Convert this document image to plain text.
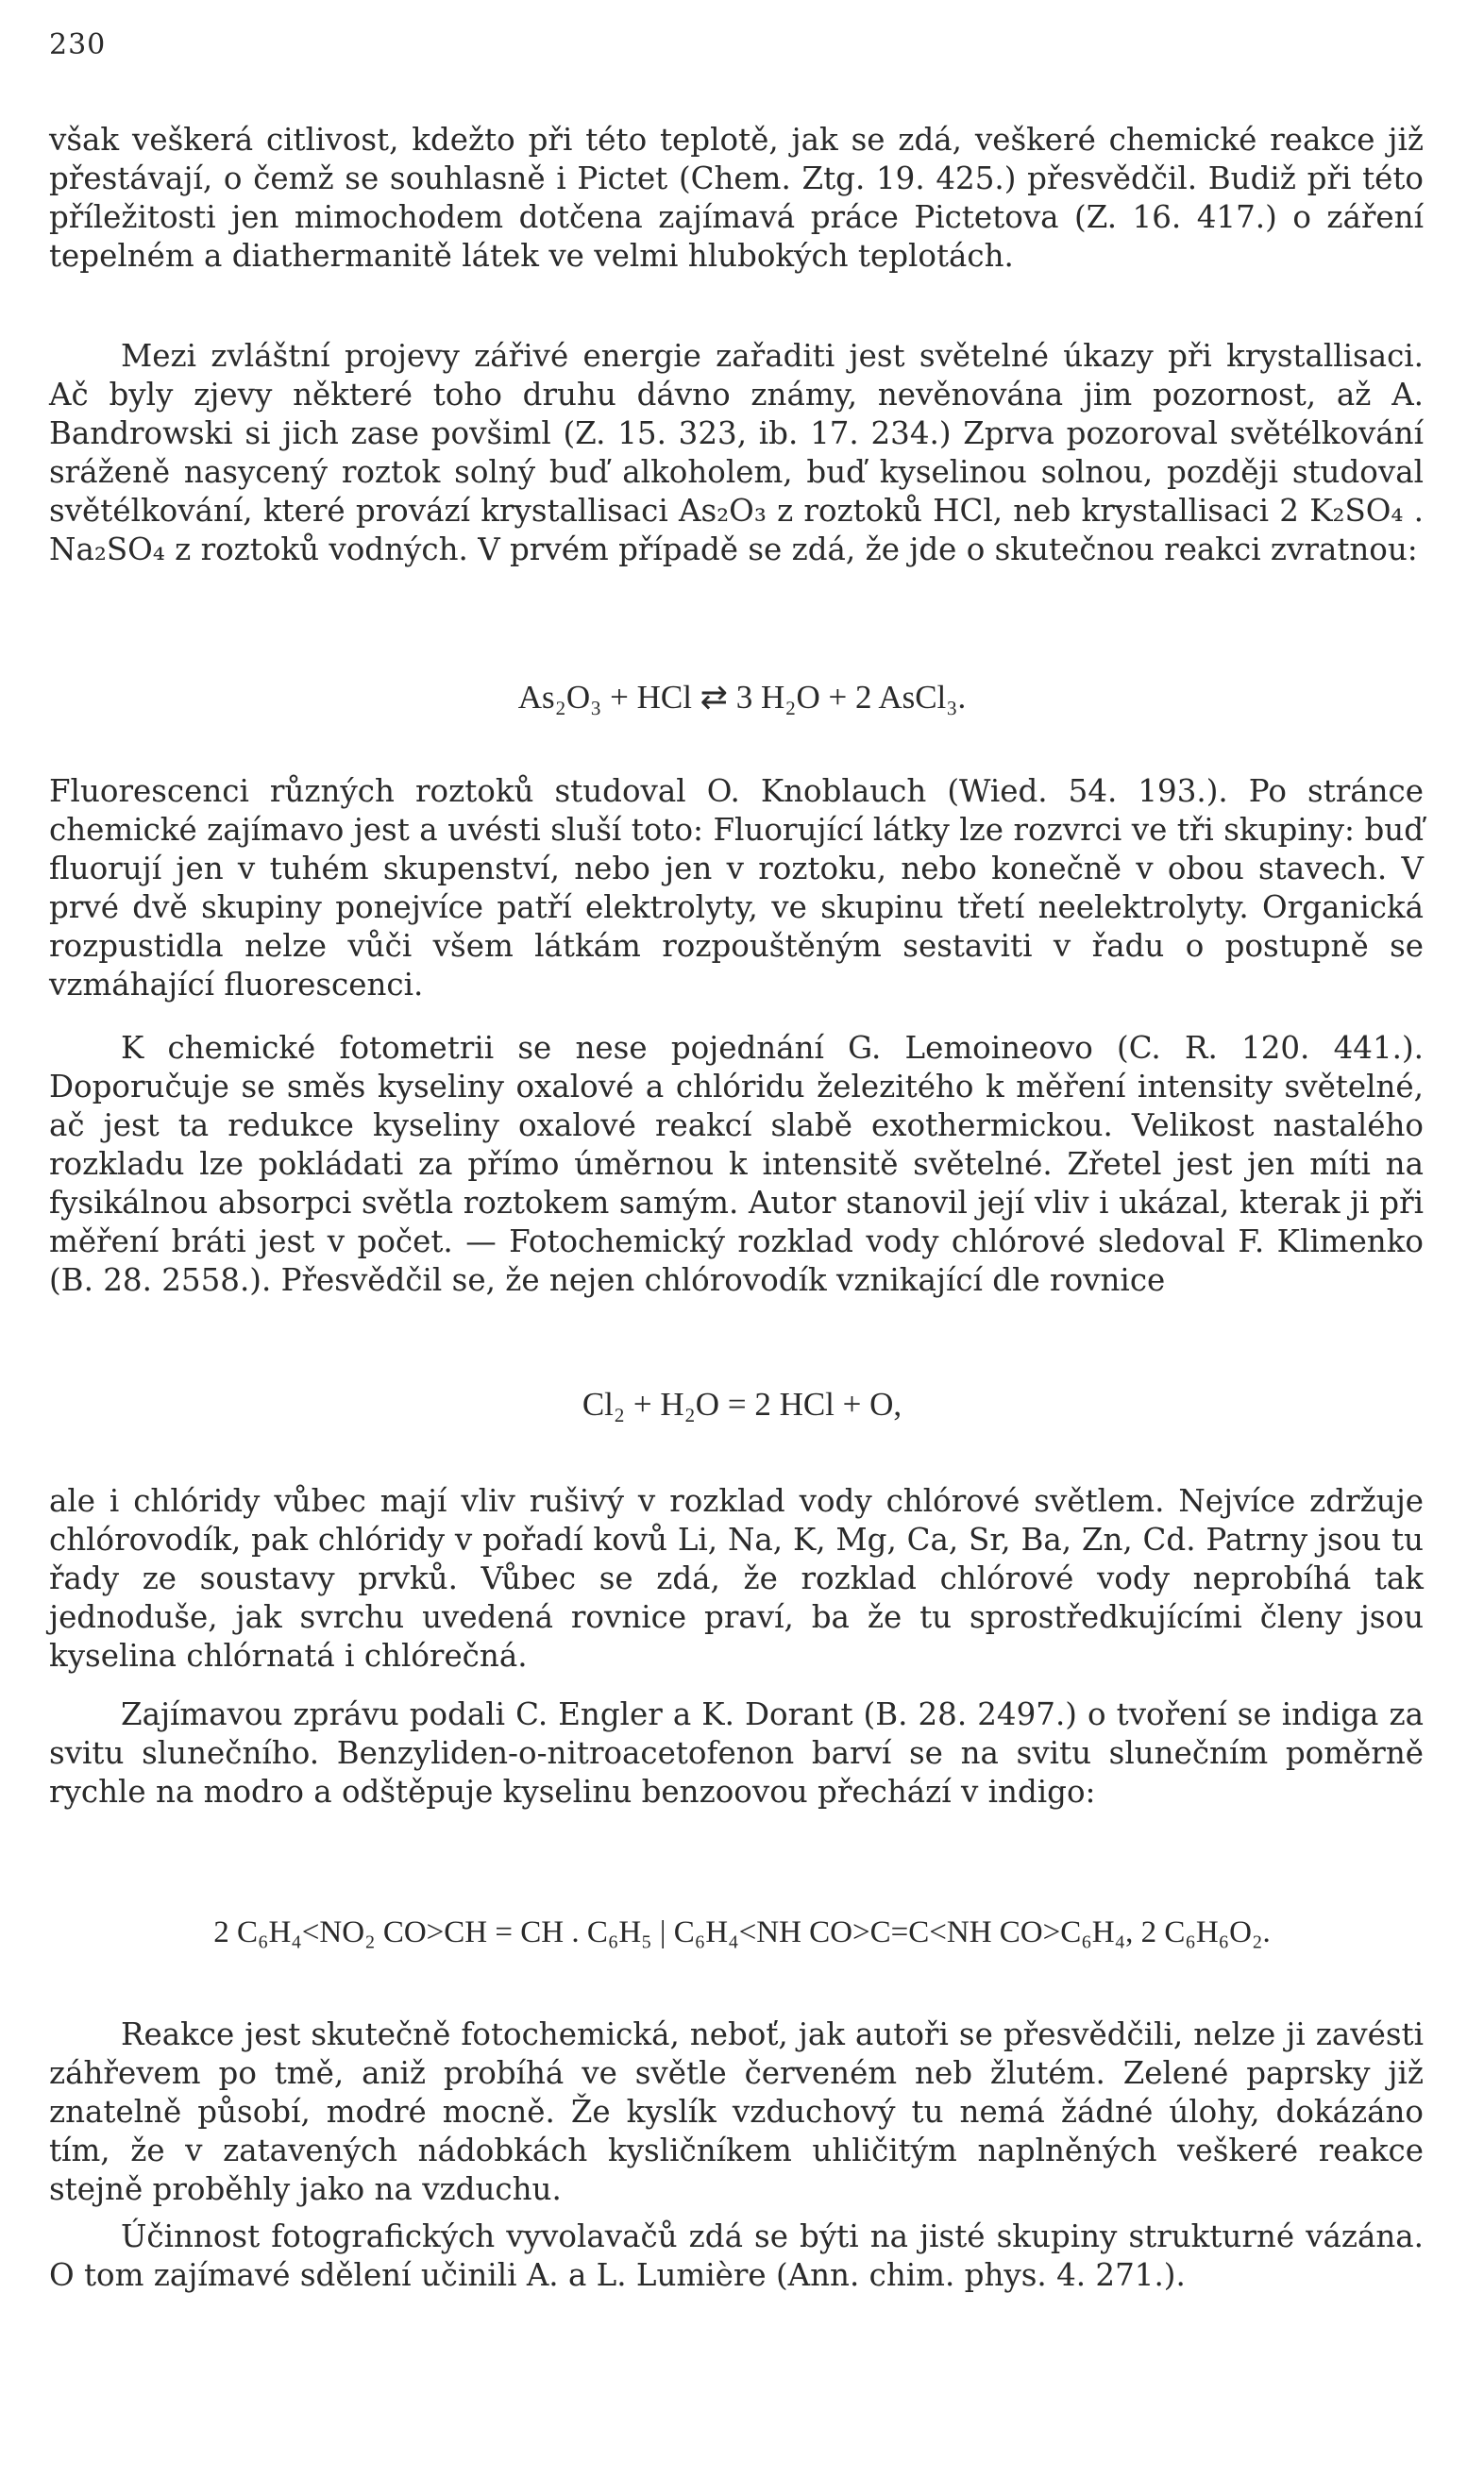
230

však veškerá citlivost, kdežto při této teplotě, jak se zdá, veškeré chemické reakce již přestávají, o čemž se souhlasně i Pictet (Chem. Ztg. 19. 425.) přesvědčil. Budiž při této příležitosti jen mimochodem dotčena zajímavá práce Pictetova (Z. 16. 417.) o záření tepelném a diathermanitě látek ve velmi hlubokých teplotách.

Mezi zvláštní projevy zářivé energie zařaditi jest světelné úkazy při krystallisaci. Ač byly zjevy některé toho druhu dávno známy, nevěnována jim pozornost, až A. Bandrowski si jich zase povšiml (Z. 15. 323, ib. 17. 234.) Zprva pozoroval světélkování sráženě nasycený roztok solný buď alkoholem, buď kyselinou solnou, později studoval světélkování, které provází krystallisaci As₂O₃ z roztoků HCl, neb krystallisaci 2 K₂SO₄ . Na₂SO₄ z roztoků vodných. V prvém případě se zdá, že jde o skutečnou reakci zvratnou:

As₂O₃ + HCl ⇄ 3 H₂O + 2 AsCl₃.

Fluorescenci různých roztoků studoval O. Knoblauch (Wied. 54. 193.). Po stránce chemické zajímavo jest a uvésti sluší toto: Fluorující látky lze rozvrci ve tři skupiny: buď fluorují jen v tuhém skupenství, nebo jen v roztoku, nebo konečně v obou stavech. V prvé dvě skupiny ponejvíce patří elektrolyty, ve skupinu třetí neelektrolyty. Organická rozpustidla nelze vůči všem látkám rozpouštěným sestaviti v řadu o postupně se vzmáhající fluorescenci.

K chemické fotometrii se nese pojednání G. Lemoineovo (C. R. 120. 441.). Doporučuje se směs kyseliny oxalové a chlóridu železitého k měření intensity světelné, ač jest ta redukce kyseliny oxalové reakcí slabě exothermickou. Velikost nastalého rozkladu lze pokládati za přímo úměrnou k intensitě světelné. Zřetel jest jen míti na fysikálnou absorpci světla roztokem samým. Autor stanovil její vliv i ukázal, kterak ji při měření bráti jest v počet. — Fotochemický rozklad vody chlórové sledoval F. Klimenko (B. 28. 2558.). Přesvědčil se, že nejen chlórovodík vznikající dle rovnice

Cl₂ + H₂O = 2 HCl + O,

ale i chlóridy vůbec mají vliv rušivý v rozklad vody chlórové světlem. Nejvíce zdržuje chlórovodík, pak chlóridy v pořadí kovů Li, Na, K, Mg, Ca, Sr, Ba, Zn, Cd. Patrny jsou tu řady ze soustavy prvků. Vůbec se zdá, že rozklad chlórové vody neprobíhá tak jednoduše, jak svrchu uvedená rovnice praví, ba že tu sprostředkujícími členy jsou kyselina chlórnatá i chlórečná.

Zajímavou zprávu podali C. Engler a K. Dorant (B. 28. 2497.) o tvoření se indiga za svitu slunečního. Benzyliden-o-nitroacetofenon barví se na svitu slunečním poměrně rychle na modro a odštěpuje kyselinu benzoovou přechází v indigo:

2 C₆H₄<NO₂ CO>CH = CH . C₆H₅ | C₆H₄<NH CO>C=C<NH CO>C₆H₄, 2 C₆H₆O₂.

Reakce jest skutečně fotochemická, neboť, jak autoři se přesvědčili, nelze ji zavésti záhřevem po tmě, aniž probíhá ve světle červeném neb žlutém. Zelené paprsky již znatelně působí, modré mocně. Že kyslík vzduchový tu nemá žádné úlohy, dokázáno tím, že v zatavených nádobkách kysličníkem uhličitým naplněných veškeré reakce stejně proběhly jako na vzduchu.

Účinnost fotografických vyvolavačů zdá se býti na jisté skupiny strukturné vázána. O tom zajímavé sdělení učinili A. a L. Lumière (Ann. chim. phys. 4. 271.).
